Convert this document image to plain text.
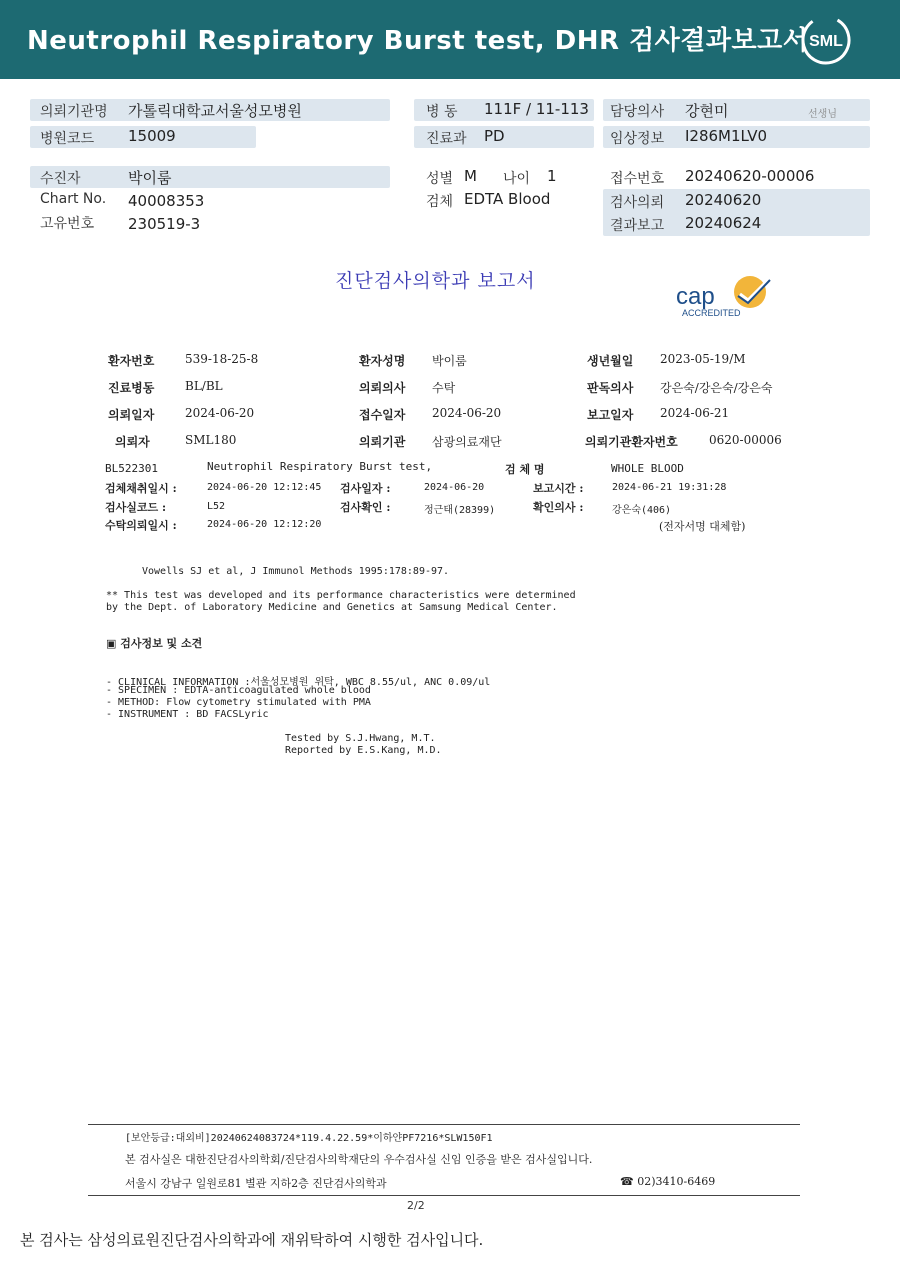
Neutrophil Respiratory Burst test, DHR 검사결과보고서 SML
의뢰기관명 가톨릭대학교서울성모병원
병원코드 15009
병 동 111F / 11-113
진료과 PD
담당의사 강현미	선생님
임상정보 I286M1LV0
수진자	박이룸
Chart No. 40008353
고유번호 230519-3
성별 M 나이 1
검체 EDTA Blood
접수번호 20240620-00006
검사의뢰 20240620
결과보고 20240624
진단검사의학과 보고서
cap
ACCREDITED
환자번호	539-18-25-8	환자성명 박이룸	생년월일 2023-05-19/M
진료병동	BL/BL	의뢰의사 수탁	판독의사 강은숙/강은숙/강은숙
의뢰일자	2024-06-20	접수일자 2024-06-20	보고일자 2024-06-21
의뢰자	SML180	의뢰기관 삼광의료재단	의뢰기관환자번호	0620-00006
BL522301	Neutrophil Respiratory Burst test,	검 체 명	WHOLE BLOOD
검체채취일시 :	2024-06-20 12:12:45 검사일자 :	2024-06-20	보고시간 :	2024-06-21 19:31:28
검사실코드 :	L52	검사확인 :	정근태(28399)	확인의사 :	강은숙(406)
수탁의뢰일시 :	2024-06-20 12:12:20	(전자서명 대체함)
Vowells SJ et al, J Immunol Methods 1995:178:89-97.
** This test was developed and its performance characteristics were determined
by the Dept. of Laboratory Medicine and Genetics at Samsung Medical Center.
▣ 검사정보 및 소견
- CLINICAL INFORMATION :서울성모병원 위탁, WBC 8.55/ul, ANC 0.09/ul
- SPECIMEN : EDTA-anticoagulated whole blood
- METHOD: Flow cytometry stimulated with PMA
- INSTRUMENT : BD FACSLyric
Tested by S.J.Hwang, M.T.
Reported by E.S.Kang, M.D.
[보안등급:대외비]20240624083724*119.4.22.59*이하얀PF7216*SLW150F1
본 검사실은 대한진단검사의학회/진단검사의학재단의 우수검사실 신임 인증을 받은 검사실입니다.
서울시 강남구 일원로81 별관 지하2층 진단검사의학과	☎ 02)3410-6469
2/2
본 검사는 삼성의료원진단검사의학과에 재위탁하여 시행한 검사입니다.
